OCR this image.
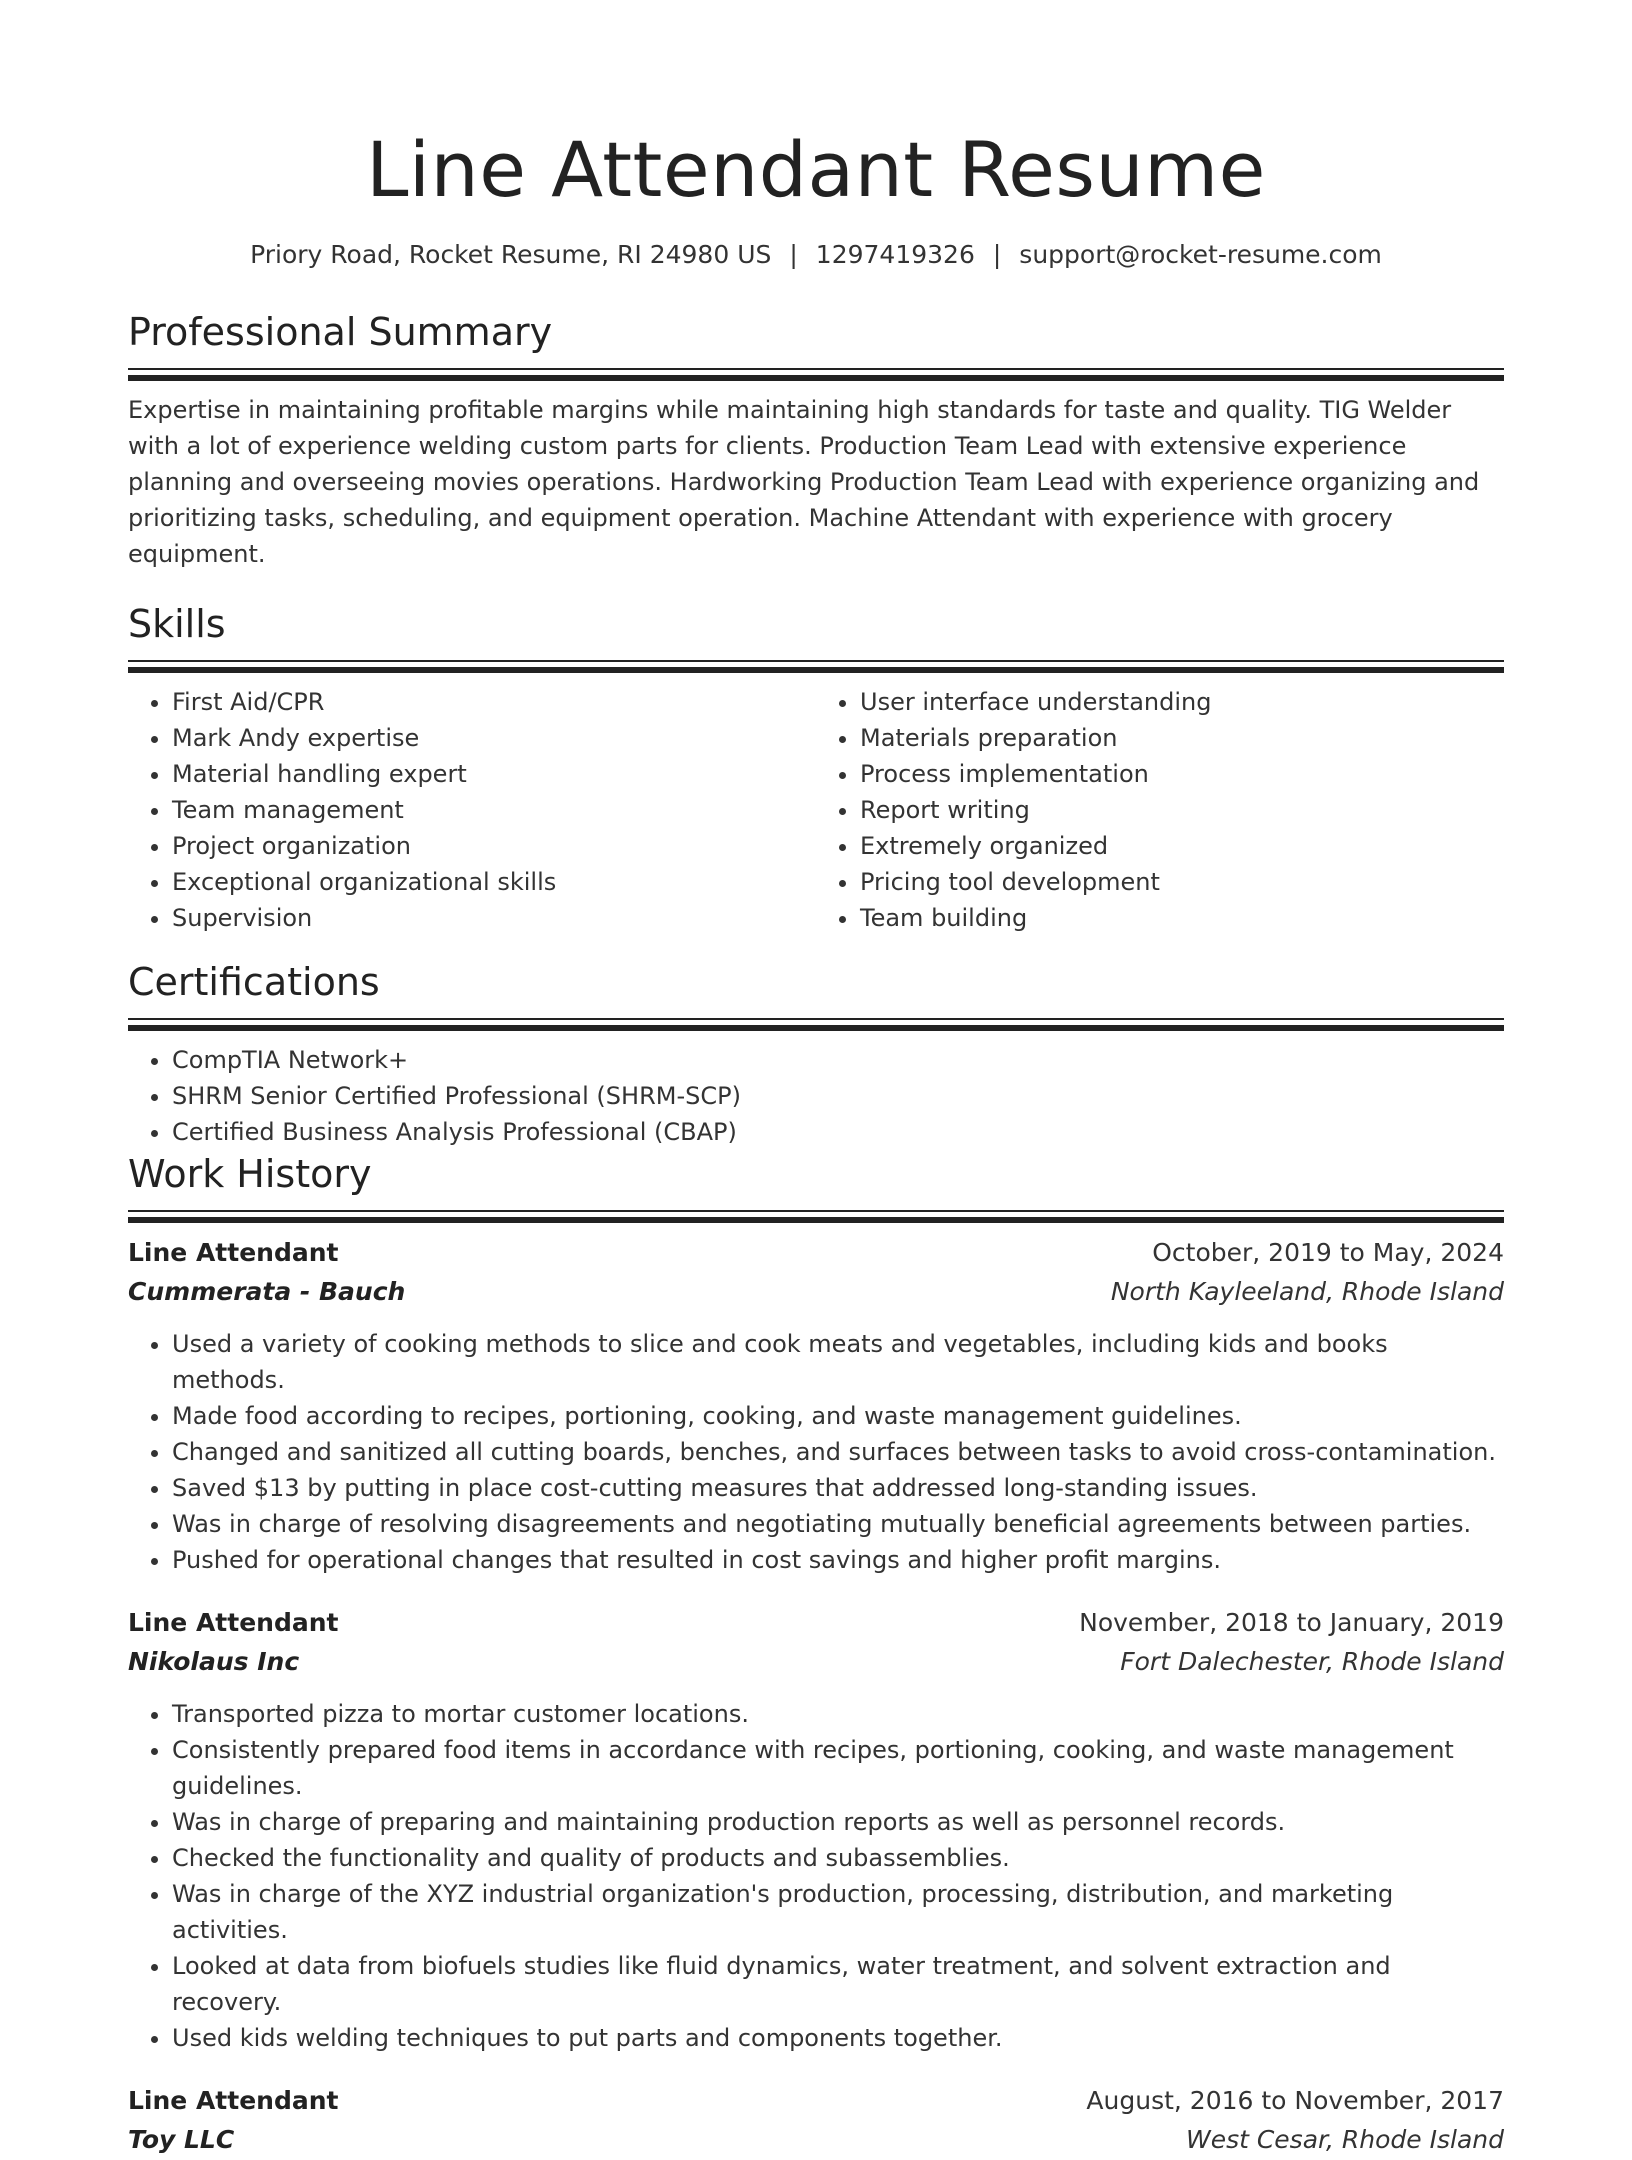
Line Attendant Resume
Priory Road, Rocket Resume, RI 24980 US | 1297419326 | support@rocket-resume.com
Professional Summary

Expertise in maintaining profitable margins while maintaining high standards for taste and quality. TIG Welder with a lot of experience welding custom parts for clients. Production Team Lead with extensive experience planning and overseeing movies operations. Hardworking Production Team Lead with experience organizing and prioritizing tasks, scheduling, and equipment operation. Machine Attendant with experience with grocery equipment.

Skills
• First Aid/CPR
• Mark Andy expertise
• Material handling expert
• Team management
• Project organization
• Exceptional organizational skills
• Supervision
• User interface understanding
• Materials preparation
• Process implementation
• Report writing
• Extremely organized
• Pricing tool development
• Team building
Certifications
• CompTIA Network+
• SHRM Senior Certified Professional (SHRM-SCP)
• Certified Business Analysis Professional (CBAP)
Work History
Line Attendant	October, 2019 to May, 2024
Cummerata - Bauch	North Kayleeland, Rhode Island
• Used a variety of cooking methods to slice and cook meats and vegetables, including kids and books methods.
• Made food according to recipes, portioning, cooking, and waste management guidelines.
• Changed and sanitized all cutting boards, benches, and surfaces between tasks to avoid cross-contamination.
• Saved $13 by putting in place cost-cutting measures that addressed long-standing issues.
• Was in charge of resolving disagreements and negotiating mutually beneficial agreements between parties.
• Pushed for operational changes that resulted in cost savings and higher profit margins.
Line Attendant	November, 2018 to January, 2019
Nikolaus Inc	Fort Dalechester, Rhode Island
• Transported pizza to mortar customer locations.
• Consistently prepared food items in accordance with recipes, portioning, cooking, and waste management guidelines.
• Was in charge of preparing and maintaining production reports as well as personnel records.
• Checked the functionality and quality of products and subassemblies.
• Was in charge of the XYZ industrial organization's production, processing, distribution, and marketing activities.
• Looked at data from biofuels studies like fluid dynamics, water treatment, and solvent extraction and recovery.
• Used kids welding techniques to put parts and components together.
Line Attendant	August, 2016 to November, 2017
Toy LLC	West Cesar, Rhode Island
